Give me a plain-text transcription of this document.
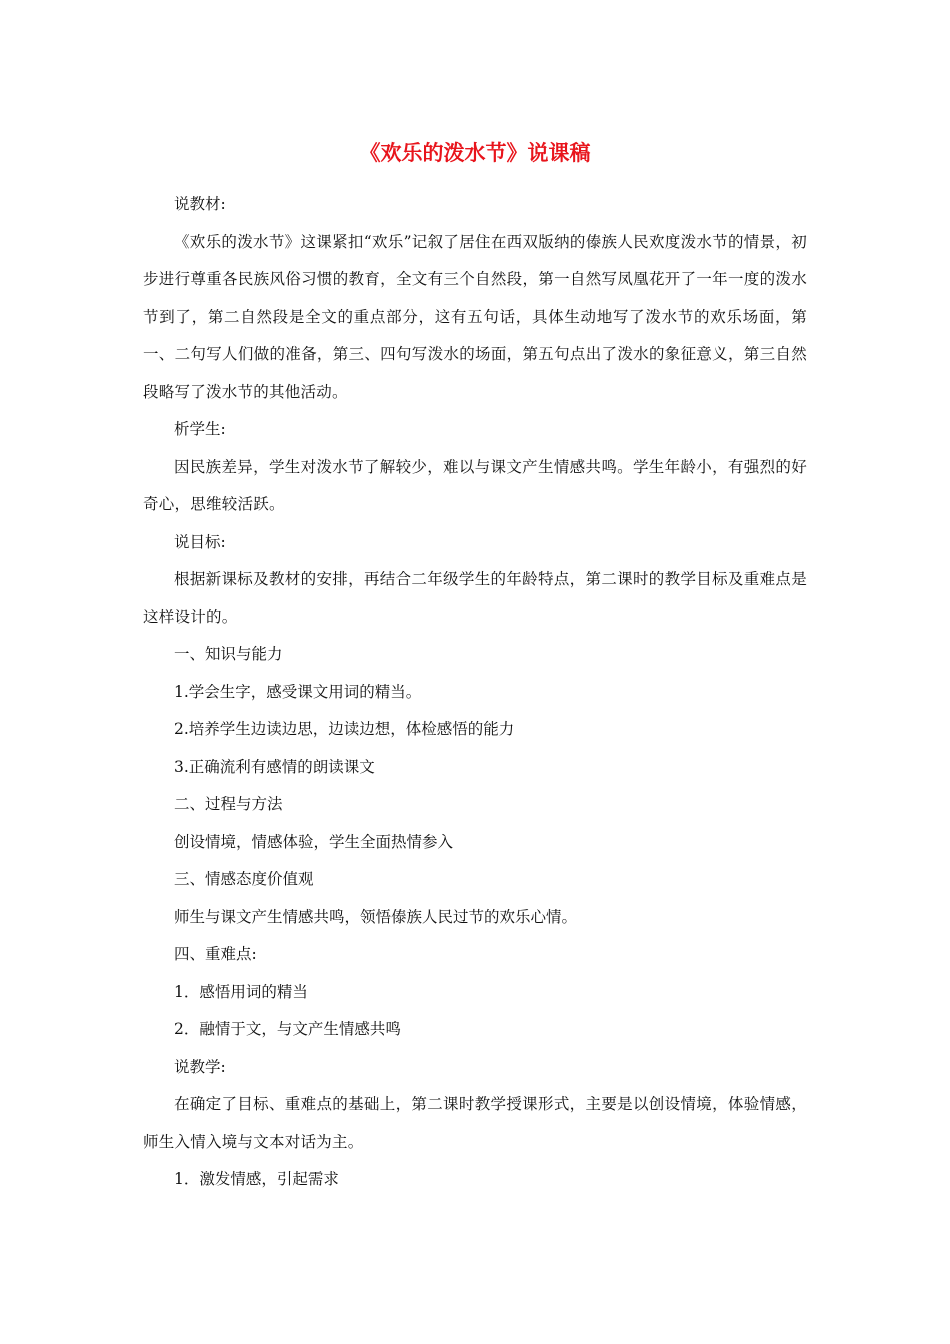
《欢乐的泼水节》说课稿

说教材:

《欢乐的泼水节》这课紧扣“欢乐”记叙了居住在西双版纳的傣族人民欢度泼水节的情景，初步进行尊重各民族风俗习惯的教育，全文有三个自然段，第一自然写凤凰花开了一年一度的泼水节到了，第二自然段是全文的重点部分，这有五句话，具体生动地写了泼水节的欢乐场面，第一、二句写人们做的准备，第三、四句写泼水的场面，第五句点出了泼水的象征意义，第三自然段略写了泼水节的其他活动。

析学生:

因民族差异，学生对泼水节了解较少，难以与课文产生情感共鸣。学生年龄小，有强烈的好奇心，思维较活跃。

说目标:

根据新课标及教材的安排，再结合二年级学生的年龄特点，第二课时的教学目标及重难点是这样设计的。

一、知识与能力

1.学会生字，感受课文用词的精当。

2.培养学生边读边思，边读边想，体检感悟的能力

3.正确流利有感情的朗读课文

二、过程与方法

创设情境，情感体验，学生全面热情参入

三、情感态度价值观

师生与课文产生情感共鸣，领悟傣族人民过节的欢乐心情。

四、重难点:

1．感悟用词的精当

2．融情于文，与文产生情感共鸣

说教学:

在确定了目标、重难点的基础上，第二课时教学授课形式，主要是以创设情境，体验情感，师生入情入境与文本对话为主。

1．激发情感，引起需求
